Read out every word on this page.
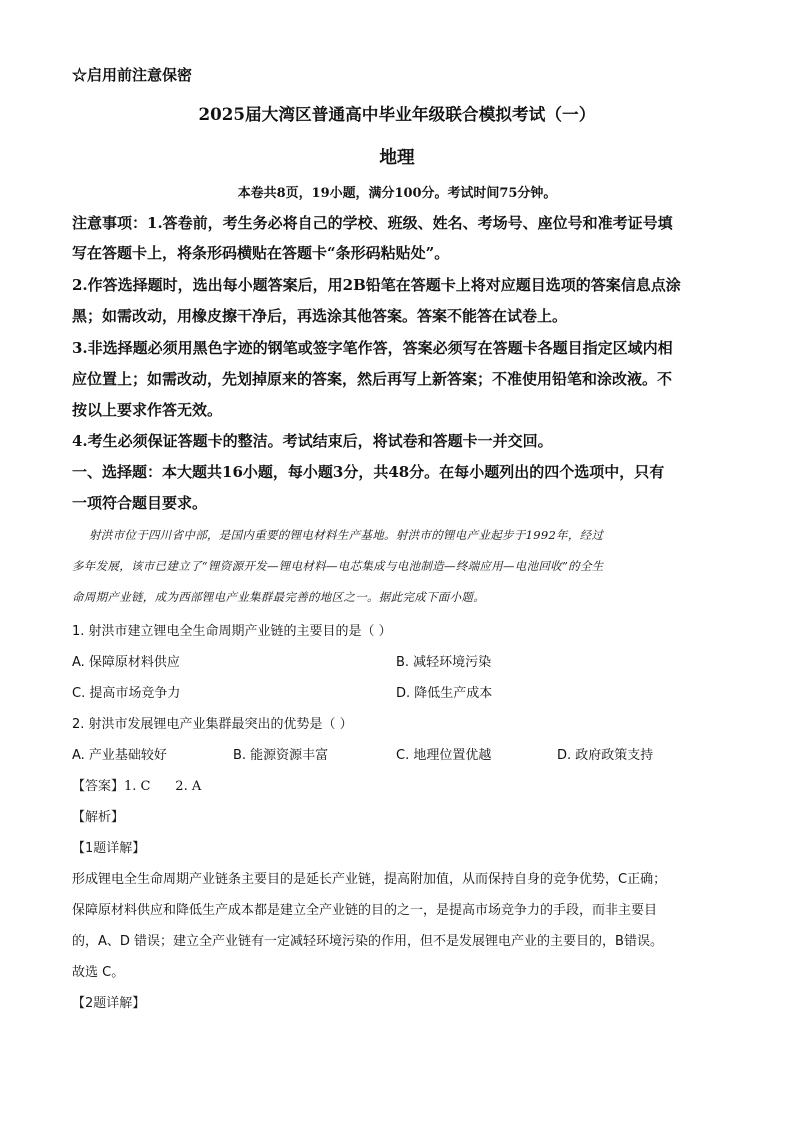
☆启用前注意保密
2025届大湾区普通高中毕业年级联合模拟考试（一）
地理
本卷共8页，19小题，满分100分。考试时间75分钟。
注意事项：1.答卷前，考生务必将自己的学校、班级、姓名、考场号、座位号和准考证号填
写在答题卡上，将条形码横贴在答题卡“条形码粘贴处”。
2.作答选择题时，选出每小题答案后，用2B铅笔在答题卡上将对应题目选项的答案信息点涂
黑；如需改动，用橡皮擦干净后，再选涂其他答案。答案不能答在试卷上。
3.非选择题必须用黑色字迹的钢笔或签字笔作答，答案必须写在答题卡各题目指定区域内相
应位置上；如需改动，先划掉原来的答案，然后再写上新答案；不准使用铅笔和涂改液。不
按以上要求作答无效。
4.考生必须保证答题卡的整洁。考试结束后，将试卷和答题卡一并交回。
一、选择题：本大题共16小题，每小题3分，共48分。在每小题列出的四个选项中，只有
一项符合题目要求。
射洪市位于四川省中部，是国内重要的锂电材料生产基地。射洪市的锂电产业起步于1992年，经过
多年发展，该市已建立了“锂资源开发—锂电材料—电芯集成与电池制造—终端应用—电池回收”的全生
命周期产业链，成为西部锂电产业集群最完善的地区之一。据此完成下面小题。
1. 射洪市建立锂电全生命周期产业链的主要目的是（ ）
A. 保障原材料供应	B. 减轻环境污染
C. 提高市场竞争力	D. 降低生产成本
2. 射洪市发展锂电产业集群最突出的优势是（ ）
A. 产业基础较好	B. 能源资源丰富	C. 地理位置优越	D. 政府政策支持
【答案】1. C      2. A
【解析】
【1题详解】
形成锂电全生命周期产业链条主要目的是延长产业链，提高附加值，从而保持自身的竞争优势，C正确；
保障原材料供应和降低生产成本都是建立全产业链的目的之一，是提高市场竞争力的手段，而非主要目
的，A、D 错误；建立全产业链有一定减轻环境污染的作用，但不是发展锂电产业的主要目的，B错误。
故选 C。
【2题详解】
